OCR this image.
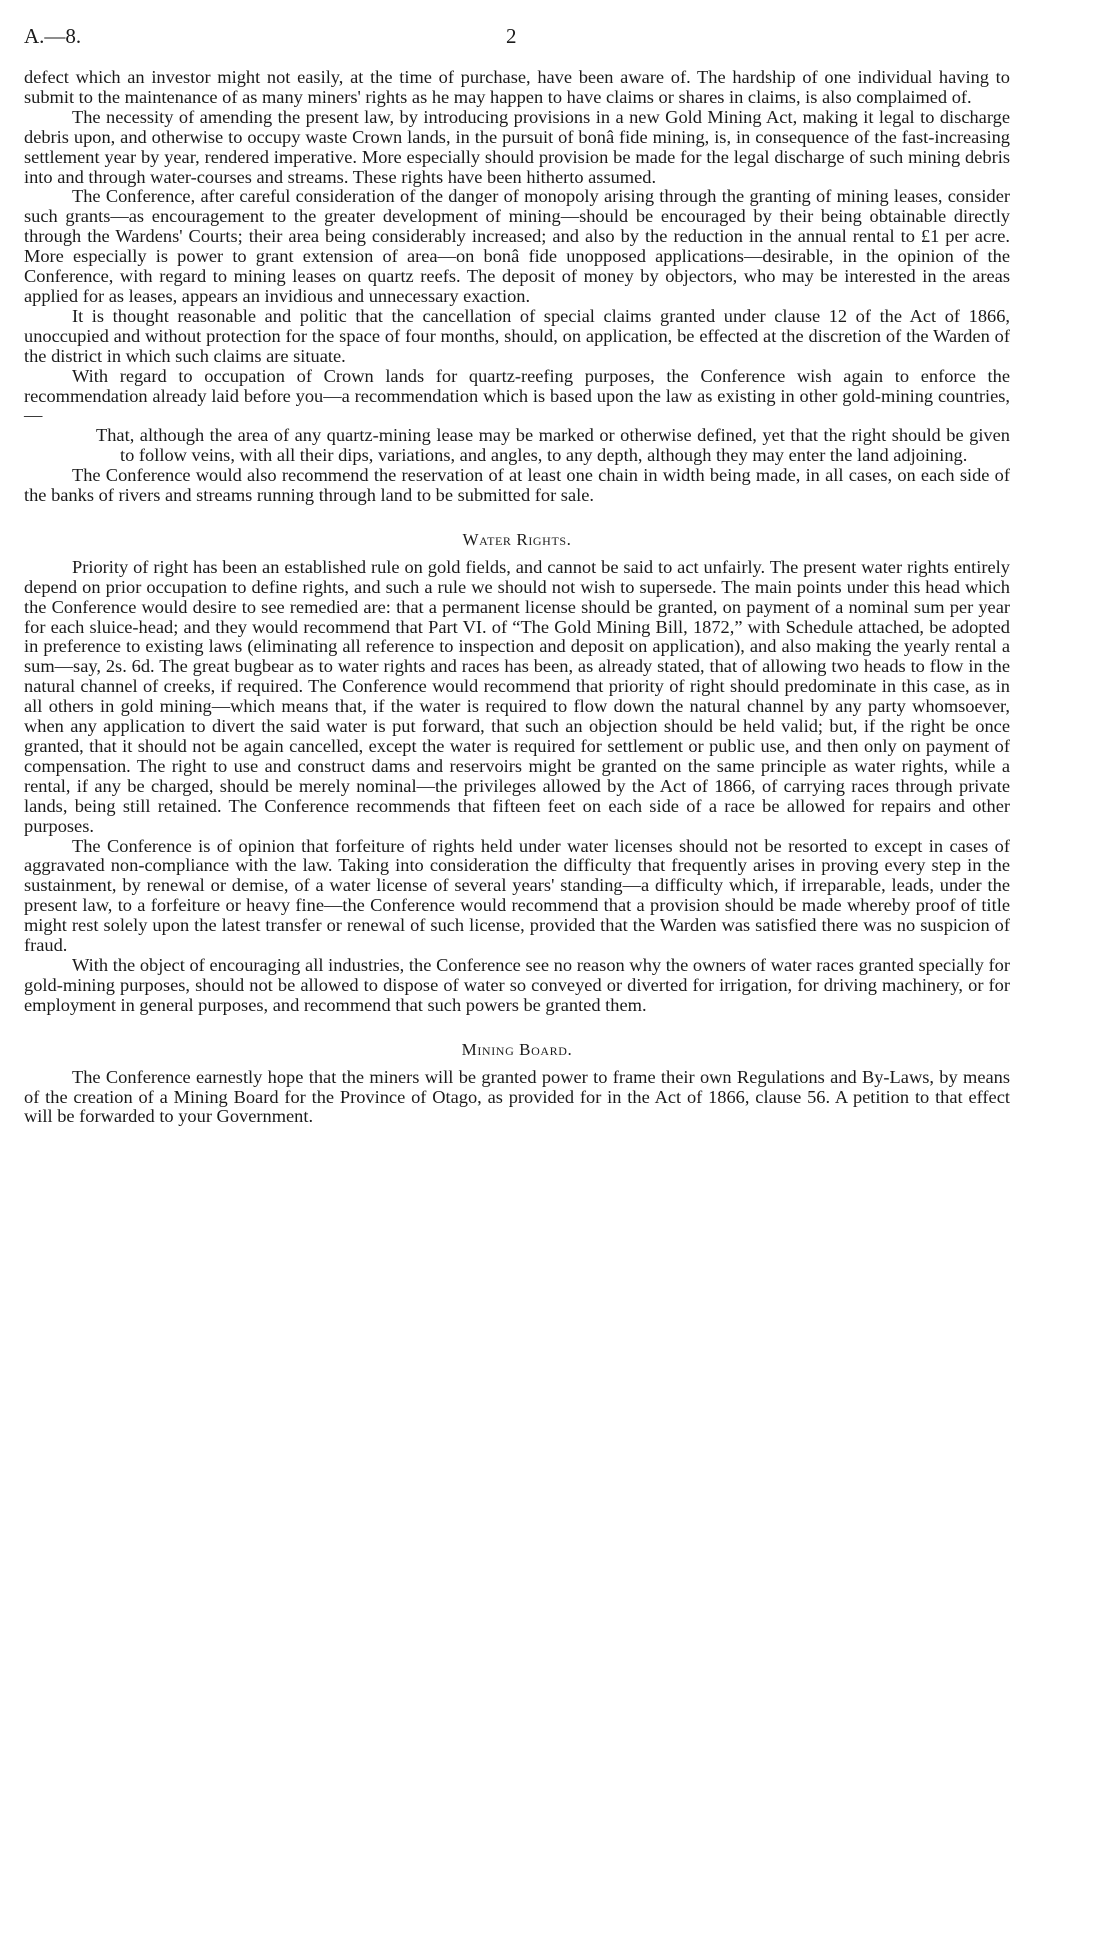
A.—8.	2

defect which an investor might not easily, at the time of purchase, have been aware of. The hardship of one individual having to submit to the maintenance of as many miners' rights as he may happen to have claims or shares in claims, is also complaimed of.

The necessity of amending the present law, by introducing provisions in a new Gold Mining Act, making it legal to discharge debris upon, and otherwise to occupy waste Crown lands, in the pursuit of bonâ fide mining, is, in consequence of the fast-increasing settlement year by year, rendered imperative. More especially should provision be made for the legal discharge of such mining debris into and through water-courses and streams. These rights have been hitherto assumed.

The Conference, after careful consideration of the danger of monopoly arising through the granting of mining leases, consider such grants—as encouragement to the greater development of mining—should be encouraged by their being obtainable directly through the Wardens' Courts; their area being considerably increased; and also by the reduction in the annual rental to £1 per acre. More especially is power to grant extension of area—on bonâ fide unopposed applications—desirable, in the opinion of the Conference, with regard to mining leases on quartz reefs. The deposit of money by objectors, who may be interested in the areas applied for as leases, appears an invidious and unnecessary exaction.

It is thought reasonable and politic that the cancellation of special claims granted under clause 12 of the Act of 1866, unoccupied and without protection for the space of four months, should, on application, be effected at the discretion of the Warden of the district in which such claims are situate.

With regard to occupation of Crown lands for quartz-reefing purposes, the Conference wish again to enforce the recommendation already laid before you—a recommendation which is based upon the law as existing in other gold-mining countries,—

That, although the area of any quartz-mining lease may be marked or otherwise defined, yet that the right should be given to follow veins, with all their dips, variations, and angles, to any depth, although they may enter the land adjoining.

The Conference would also recommend the reservation of at least one chain in width being made, in all cases, on each side of the banks of rivers and streams running through land to be submitted for sale.

Water Rights.

Priority of right has been an established rule on gold fields, and cannot be said to act unfairly. The present water rights entirely depend on prior occupation to define rights, and such a rule we should not wish to supersede. The main points under this head which the Conference would desire to see remedied are: that a permanent license should be granted, on payment of a nominal sum per year for each sluice-head; and they would recommend that Part VI. of “The Gold Mining Bill, 1872,” with Schedule attached, be adopted in preference to existing laws (eliminating all reference to inspection and deposit on application), and also making the yearly rental a sum—say, 2s. 6d. The great bugbear as to water rights and races has been, as already stated, that of allowing two heads to flow in the natural channel of creeks, if required. The Conference would recommend that priority of right should predominate in this case, as in all others in gold mining—which means that, if the water is required to flow down the natural channel by any party whomsoever, when any application to divert the said water is put forward, that such an objection should be held valid; but, if the right be once granted, that it should not be again cancelled, except the water is required for settlement or public use, and then only on payment of compensation. The right to use and construct dams and reservoirs might be granted on the same principle as water rights, while a rental, if any be charged, should be merely nominal—the privileges allowed by the Act of 1866, of carrying races through private lands, being still retained. The Conference recommends that fifteen feet on each side of a race be allowed for repairs and other purposes.

The Conference is of opinion that forfeiture of rights held under water licenses should not be resorted to except in cases of aggravated non-compliance with the law. Taking into consideration the difficulty that frequently arises in proving every step in the sustainment, by renewal or demise, of a water license of several years' standing—a difficulty which, if irreparable, leads, under the present law, to a forfeiture or heavy fine—the Conference would recommend that a provision should be made whereby proof of title might rest solely upon the latest transfer or renewal of such license, provided that the Warden was satisfied there was no suspicion of fraud.

With the object of encouraging all industries, the Conference see no reason why the owners of water races granted specially for gold-mining purposes, should not be allowed to dispose of water so conveyed or diverted for irrigation, for driving machinery, or for employment in general purposes, and recommend that such powers be granted them.

Mining Board.

The Conference earnestly hope that the miners will be granted power to frame their own Regulations and By-Laws, by means of the creation of a Mining Board for the Province of Otago, as provided for in the Act of 1866, clause 56. A petition to that effect will be forwarded to your Government.
